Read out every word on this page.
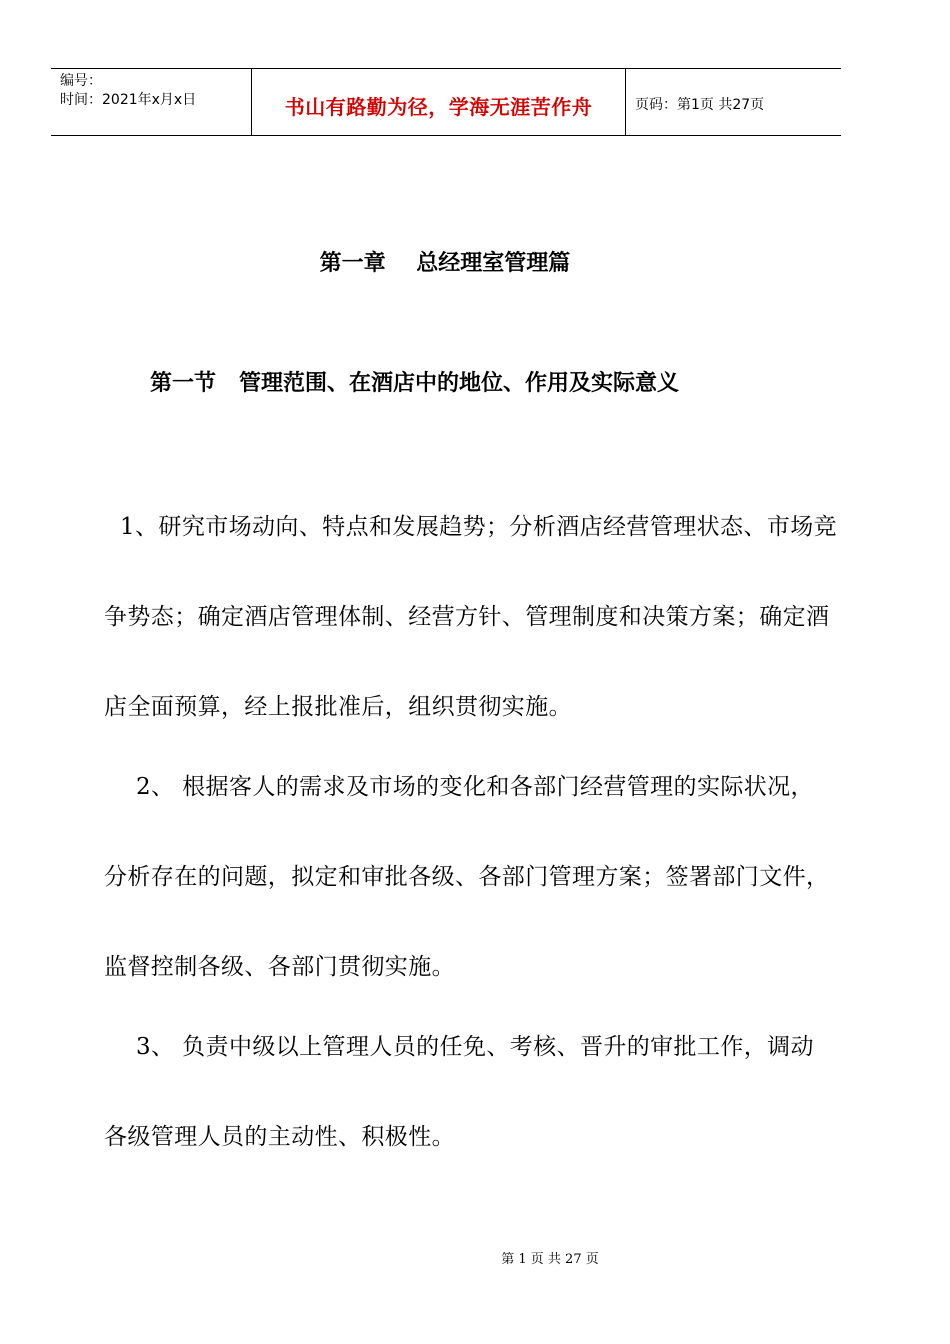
编号：
时间：2021年x月x日	书山有路勤为径，学海无涯苦作舟	页码：第1页 共27页
第一章    总经理室管理篇
第一节   管理范围、在酒店中的地位、作用及实际意义
1、研究市场动向、特点和发展趋势；分析酒店经营管理状态、市场竞
争势态；确定酒店管理体制、经营方针、管理制度和决策方案；确定酒
店全面预算，经上报批准后，组织贯彻实施。
2、 根据客人的需求及市场的变化和各部门经营管理的实际状况，
分析存在的问题，拟定和审批各级、各部门管理方案；签署部门文件，
监督控制各级、各部门贯彻实施。
3、 负责中级以上管理人员的任免、考核、晋升的审批工作，调动
各级管理人员的主动性、积极性。
第 1 页 共 27 页
